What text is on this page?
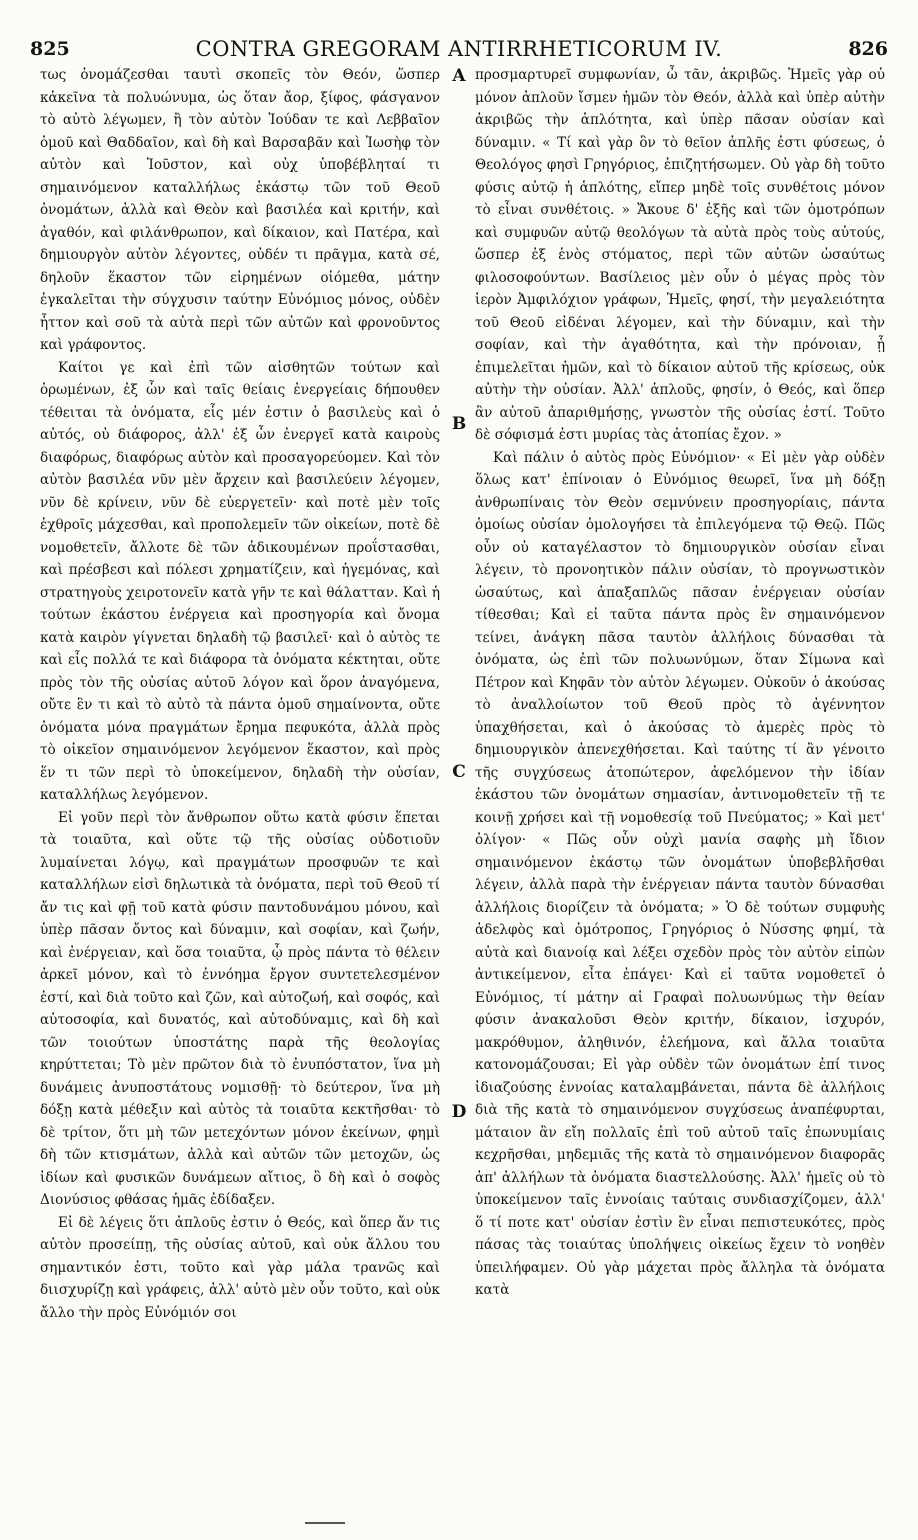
825	CONTRA GREGORAM ANTIRRHETICORUM IV.	826

τως ὀνομάζεσθαι ταυτὶ σκοπεῖς τὸν Θεόν, ὥσπερ κἀκεῖνα τὰ πολυώνυμα, ὡς ὅταν ἄορ, ξίφος, φάσγανον τὸ αὐτὸ λέγωμεν, ἢ τὸν αὐτὸν Ἰούδαν τε καὶ Λεββαῖον ὁμοῦ καὶ Θαδδαῖον, καὶ δὴ καὶ Βαρσαβᾶν καὶ Ἰωσὴφ τὸν αὐτὸν καὶ Ἰοῦστον, καὶ οὐχ ὑποβέβληταί τι σημαινόμενον καταλλήλως ἑκάστῳ τῶν τοῦ Θεοῦ ὀνομάτων, ἀλλὰ καὶ Θεὸν καὶ βασιλέα καὶ κριτήν, καὶ ἀγαθόν, καὶ φιλάνθρωπον, καὶ δίκαιον, καὶ Πατέρα, καὶ δημιουργὸν αὐτὸν λέγοντες, οὐδέν τι πρᾶγμα, κατὰ σέ, δηλοῦν ἕκαστον τῶν εἰρημένων οἰόμεθα, μάτην ἐγκαλεῖται τὴν σύγχυσιν ταύτην Εὐνόμιος μόνος, οὐδὲν ἧττον καὶ σοῦ τὰ αὐτὰ περὶ τῶν αὐτῶν καὶ φρονοῦντος καὶ γράφοντος.

Καίτοι γε καὶ ἐπὶ τῶν αἰσθητῶν τούτων καὶ ὁρωμένων, ἐξ ὧν καὶ ταῖς θείαις ἐνεργείαις δήπουθεν τέθειται τὰ ὀνόματα, εἷς μέν ἐστιν ὁ βασιλεὺς καὶ ὁ αὐτός, οὐ διάφορος, ἀλλ' ἐξ ὧν ἐνεργεῖ κατὰ καιροὺς διαφόρως, διαφόρως αὐτὸν καὶ προσαγορεύομεν. Καὶ τὸν αὐτὸν βασιλέα νῦν μὲν ἄρχειν καὶ βασιλεύειν λέγομεν, νῦν δὲ κρίνειν, νῦν δὲ εὐεργετεῖν· καὶ ποτὲ μὲν τοῖς ἐχθροῖς μάχεσθαι, καὶ προπολεμεῖν τῶν οἰκείων, ποτὲ δὲ νομοθετεῖν, ἄλλοτε δὲ τῶν ἀδικουμένων προΐστασθαι, καὶ πρέσβεσι καὶ πόλεσι χρηματίζειν, καὶ ἡγεμόνας, καὶ στρατηγοὺς χειροτονεῖν κατὰ γῆν τε καὶ θάλατταν. Καὶ ἡ τούτων ἑκάστου ἐνέργεια καὶ προσηγορία καὶ ὄνομα κατὰ καιρὸν γίγνεται δηλαδὴ τῷ βασιλεῖ· καὶ ὁ αὐτὸς τε καὶ εἷς πολλά τε καὶ διάφορα τὰ ὀνόματα κέκτηται, οὔτε πρὸς τὸν τῆς οὐσίας αὐτοῦ λόγον καὶ ὅρον ἀναγόμενα, οὔτε ἓν τι καὶ τὸ αὐτὸ τὰ πάντα ὁμοῦ σημαίνοντα, οὔτε ὀνόματα μόνα πραγμάτων ἔρημα πεφυκότα, ἀλλὰ πρὸς τὸ οἰκεῖον σημαινόμενον λεγόμενον ἕκαστον, καὶ πρὸς ἕν τι τῶν περὶ τὸ ὑποκείμενον, δηλαδὴ τὴν οὐσίαν, καταλλήλως λεγόμενον.

Εἰ γοῦν περὶ τὸν ἄνθρωπον οὕτω κατὰ φύσιν ἕπεται τὰ τοιαῦτα, καὶ οὔτε τῷ τῆς οὐσίας οὐδοτιοῦν λυμαίνεται λόγῳ, καὶ πραγμάτων προσφυῶν τε καὶ καταλλήλων εἰσὶ δηλωτικὰ τὰ ὀνόματα, περὶ τοῦ Θεοῦ τί ἄν τις καὶ φῇ τοῦ κατὰ φύσιν παντοδυνάμου μόνου, καὶ ὑπὲρ πᾶσαν ὄντος καὶ δύναμιν, καὶ σοφίαν, καὶ ζωήν, καὶ ἐνέργειαν, καὶ ὅσα τοιαῦτα, ᾧ πρὸς πάντα τὸ θέλειν ἀρκεῖ μόνον, καὶ τὸ ἐννόημα ἔργον συντετελεσμένον ἐστί, καὶ διὰ τοῦτο καὶ ζῶν, καὶ αὐτοζωή, καὶ σοφός, καὶ αὐτοσοφία, καὶ δυνατός, καὶ αὐτοδύναμις, καὶ δὴ καὶ τῶν τοιούτων ὑποστάτης παρὰ τῆς θεολογίας κηρύττεται; Τὸ μὲν πρῶτον διὰ τὸ ἐνυπόστατον, ἵνα μὴ δυνάμεις ἀνυποστάτους νομισθῇ· τὸ δεύτερον, ἵνα μὴ δόξῃ κατὰ μέθεξιν καὶ αὐτὸς τὰ τοιαῦτα κεκτῆσθαι· τὸ δὲ τρίτον, ὅτι μὴ τῶν μετεχόντων μόνον ἐκείνων, φημὶ δὴ τῶν κτισμάτων, ἀλλὰ καὶ αὐτῶν τῶν μετοχῶν, ὡς ἰδίων καὶ φυσικῶν δυνάμεων αἴτιος, ὃ δὴ καὶ ὁ σοφὸς Διονύσιος φθάσας ἡμᾶς ἐδίδαξεν.

Εἰ δὲ λέγεις ὅτι ἁπλοῦς ἐστιν ὁ Θεός, καὶ ὅπερ ἄν τις αὐτὸν προσείπῃ, τῆς οὐσίας αὐτοῦ, καὶ οὐκ ἄλλου του σημαντικόν ἐστι, τοῦτο καὶ γὰρ μάλα τρανῶς καὶ διισχυρίζῃ καὶ γράφεις, ἀλλ' αὐτὸ μὲν οὖν τοῦτο, καὶ οὐκ ἄλλο τὴν πρὸς Εὐνόμιόν σοι

A
B
C
D

προσμαρτυρεῖ συμφωνίαν, ὦ τᾶν, ἀκριβῶς. Ἡμεῖς γὰρ οὐ μόνον ἁπλοῦν ἴσμεν ἡμῶν τὸν Θεόν, ἀλλὰ καὶ ὑπὲρ αὐτὴν ἀκριβῶς τὴν ἁπλότητα, καὶ ὑπὲρ πᾶσαν οὐσίαν καὶ δύναμιν. « Τί καὶ γὰρ ὃν τὸ θεῖον ἁπλῆς ἐστι φύσεως, ὁ Θεολόγος φησὶ Γρηγόριος, ἐπιζητήσωμεν. Οὐ γὰρ δὴ τοῦτο φύσις αὐτῷ ἡ ἁπλότης, εἴπερ μηδὲ τοῖς συνθέτοις μόνον τὸ εἶναι συνθέτοις. » Ἄκουε δ' ἑξῆς καὶ τῶν ὁμοτρόπων καὶ συμφυῶν αὐτῷ θεολόγων τὰ αὐτὰ πρὸς τοὺς αὐτούς, ὥσπερ ἐξ ἑνὸς στόματος, περὶ τῶν αὐτῶν ὡσαύτως φιλοσοφούντων. Βασίλειος μὲν οὖν ὁ μέγας πρὸς τὸν ἱερὸν Ἀμφιλόχιον γράφων, Ἡμεῖς, φησί, τὴν μεγαλειότητα τοῦ Θεοῦ εἰδέναι λέγομεν, καὶ τὴν δύναμιν, καὶ τὴν σοφίαν, καὶ τὴν ἀγαθότητα, καὶ τὴν πρόνοιαν, ᾗ ἐπιμελεῖται ἡμῶν, καὶ τὸ δίκαιον αὐτοῦ τῆς κρίσεως, οὐκ αὐτὴν τὴν οὐσίαν. Ἀλλ' ἁπλοῦς, φησίν, ὁ Θεός, καὶ ὅπερ ἂν αὐτοῦ ἀπαριθμήσῃς, γνωστὸν τῆς οὐσίας ἐστί. Τοῦτο δὲ σόφισμά ἐστι μυρίας τὰς ἀτοπίας ἔχον. »

Καὶ πάλιν ὁ αὐτὸς πρὸς Εὐνόμιον· « Εἰ μὲν γὰρ οὐδὲν ὅλως κατ' ἐπίνοιαν ὁ Εὐνόμιος θεωρεῖ, ἵνα μὴ δόξῃ ἀνθρωπίναις τὸν Θεὸν σεμνύνειν προσηγορίαις, πάντα ὁμοίως οὐσίαν ὁμολογήσει τὰ ἐπιλεγόμενα τῷ Θεῷ. Πῶς οὖν οὐ καταγέλαστον τὸ δημιουργικὸν οὐσίαν εἶναι λέγειν, τὸ προνοητικὸν πάλιν οὐσίαν, τὸ προγνωστικὸν ὡσαύτως, καὶ ἁπαξαπλῶς πᾶσαν ἐνέργειαν οὐσίαν τίθεσθαι; Καὶ εἰ ταῦτα πάντα πρὸς ἓν σημαινόμενον τείνει, ἀνάγκη πᾶσα ταυτὸν ἀλλήλοις δύνασθαι τὰ ὀνόματα, ὡς ἐπὶ τῶν πολυωνύμων, ὅταν Σίμωνα καὶ Πέτρον καὶ Κηφᾶν τὸν αὐτὸν λέγωμεν. Οὐκοῦν ὁ ἀκούσας τὸ ἀναλλοίωτον τοῦ Θεοῦ πρὸς τὸ ἀγέννητον ὑπαχθήσεται, καὶ ὁ ἀκούσας τὸ ἀμερὲς πρὸς τὸ δημιουργικὸν ἀπενεχθήσεται. Καὶ ταύτης τί ἂν γένοιτο τῆς συγχύσεως ἀτοπώτερον, ἀφελόμενον τὴν ἰδίαν ἑκάστου τῶν ὀνομάτων σημασίαν, ἀντινομοθετεῖν τῇ τε κοινῇ χρήσει καὶ τῇ νομοθεσίᾳ τοῦ Πνεύματος; » Καὶ μετ' ὀλίγον· « Πῶς οὖν οὐχὶ μανία σαφὴς μὴ ἴδιον σημαινόμενον ἑκάστῳ τῶν ὀνομάτων ὑποβεβλῆσθαι λέγειν, ἀλλὰ παρὰ τὴν ἐνέργειαν πάντα ταυτὸν δύνασθαι ἀλλήλοις διορίζειν τὰ ὀνόματα; » Ὁ δὲ τούτων συμφυὴς ἀδελφὸς καὶ ὁμότροπος, Γρηγόριος ὁ Νύσσης φημί, τὰ αὐτὰ καὶ διανοίᾳ καὶ λέξει σχεδὸν πρὸς τὸν αὐτὸν εἰπὼν ἀντικείμενον, εἶτα ἐπάγει· Καὶ εἰ ταῦτα νομοθετεῖ ὁ Εὐνόμιος, τί μάτην αἱ Γραφαὶ πολυωνύμως τὴν θείαν φύσιν ἀνακαλοῦσι Θεὸν κριτήν, δίκαιον, ἰσχυρόν, μακρόθυμον, ἀληθινόν, ἐλεήμονα, καὶ ἄλλα τοιαῦτα κατονομάζουσαι; Εἰ γὰρ οὐδὲν τῶν ὀνομάτων ἐπί τινος ἰδιαζούσης ἐννοίας καταλαμβάνεται, πάντα δὲ ἀλλήλοις διὰ τῆς κατὰ τὸ σημαινόμενον συγχύσεως ἀναπέφυρται, μάταιον ἂν εἴη πολλαῖς ἐπὶ τοῦ αὐτοῦ ταῖς ἐπωνυμίαις κεχρῆσθαι, μηδεμιᾶς τῆς κατὰ τὸ σημαινόμενον διαφορᾶς ἀπ' ἀλλήλων τὰ ὀνόματα διαστελλούσης. Ἀλλ' ἡμεῖς οὐ τὸ ὑποκείμενον ταῖς ἐννοίαις ταύταις συνδιασχίζομεν, ἀλλ' ὅ τί ποτε κατ' οὐσίαν ἐστὶν ἓν εἶναι πεπιστευκότες, πρὸς πάσας τὰς τοιαύτας ὑπολήψεις οἰκείως ἔχειν τὸ νοηθὲν ὑπειλήφαμεν. Οὐ γὰρ μάχεται πρὸς ἄλληλα τὰ ὀνόματα κατὰ
